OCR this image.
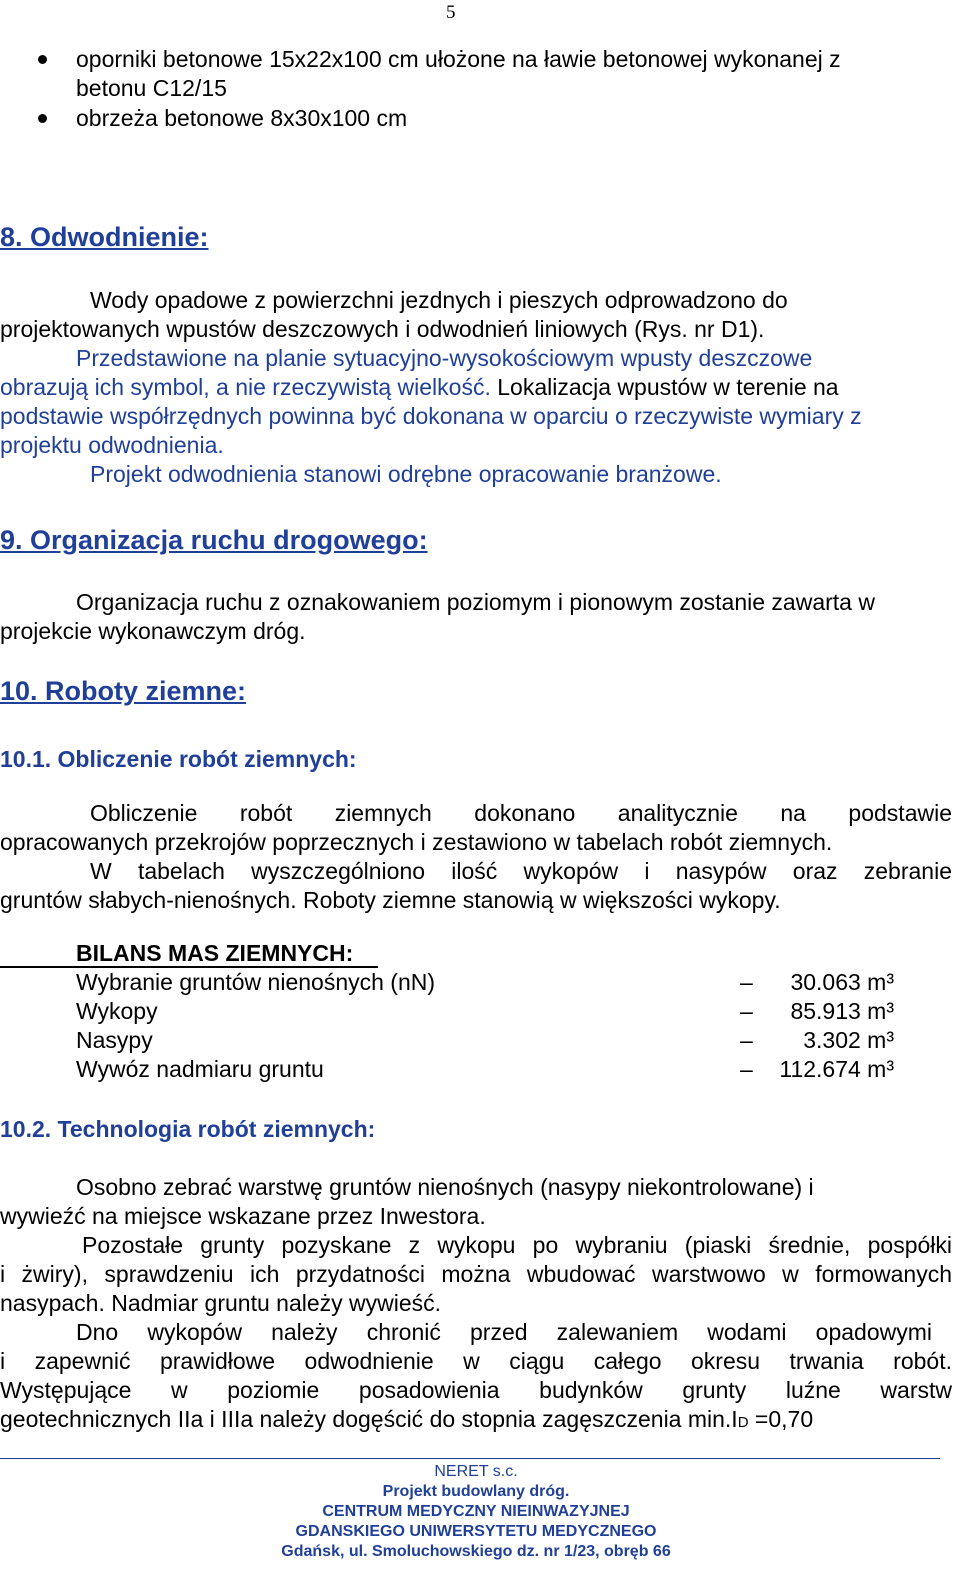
5
oporniki betonowe 15x22x100 cm ułożone na ławie betonowej wykonanej z
betonu C12/15
obrzeża betonowe 8x30x100 cm
8. Odwodnienie:
Wody opadowe z powierzchni jezdnych i pieszych odprowadzono do
projektowanych wpustów deszczowych i odwodnień liniowych (Rys. nr D1).
Przedstawione na planie sytuacyjno-wysokościowym wpusty deszczowe
obrazują ich symbol, a nie rzeczywistą wielkość. Lokalizacja wpustów w terenie na
podstawie współrzędnych powinna być dokonana w oparciu o rzeczywiste wymiary z
projektu odwodnienia.
Projekt odwodnienia stanowi odrębne opracowanie branżowe.
9. Organizacja ruchu drogowego:
Organizacja ruchu z oznakowaniem poziomym i pionowym zostanie zawarta w
projekcie wykonawczym dróg.
10. Roboty ziemne:
10.1. Obliczenie robót ziemnych:
Obliczenie robót ziemnych dokonano analitycznie na podstawie
opracowanych przekrojów poprzecznych i zestawiono w tabelach robót ziemnych.
W tabelach wyszczególniono ilość wykopów i nasypów oraz zebranie
gruntów słabych-nienośnych. Roboty ziemne stanowią w większości wykopy.
BILANS MAS ZIEMNYCH:
Wybranie gruntów nienośnych (nN)	– 30.063 m³
Wykopy	– 85.913 m³
Nasypy	– 3.302 m³
Wywóz nadmiaru gruntu	– 112.674 m³
10.2. Technologia robót ziemnych:
Osobno zebrać warstwę gruntów nienośnych (nasypy niekontrolowane) i
wywieźć na miejsce wskazane przez Inwestora.
Pozostałe grunty pozyskane z wykopu po wybraniu (piaski średnie, pospółki
i żwiry), sprawdzeniu ich przydatności można wbudować warstwowo w formowanych
nasypach. Nadmiar gruntu należy wywieść.
Dno wykopów należy chronić przed zalewaniem wodami opadowymi
i zapewnić prawidłowe odwodnienie w ciągu całego okresu trwania robót.
Występujące w poziomie posadowienia budynków grunty luźne warstw
geotechnicznych IIa i IIIa należy dogęścić do stopnia zagęszczenia min.ID =0,70
NERET s.c.
Projekt budowlany dróg.
CENTRUM MEDYCZNY NIEINWAZYJNEJ
GDANSKIEGO UNIWERSYTETU MEDYCZNEGO
Gdańsk, ul. Smoluchowskiego dz. nr 1/23, obręb 66
